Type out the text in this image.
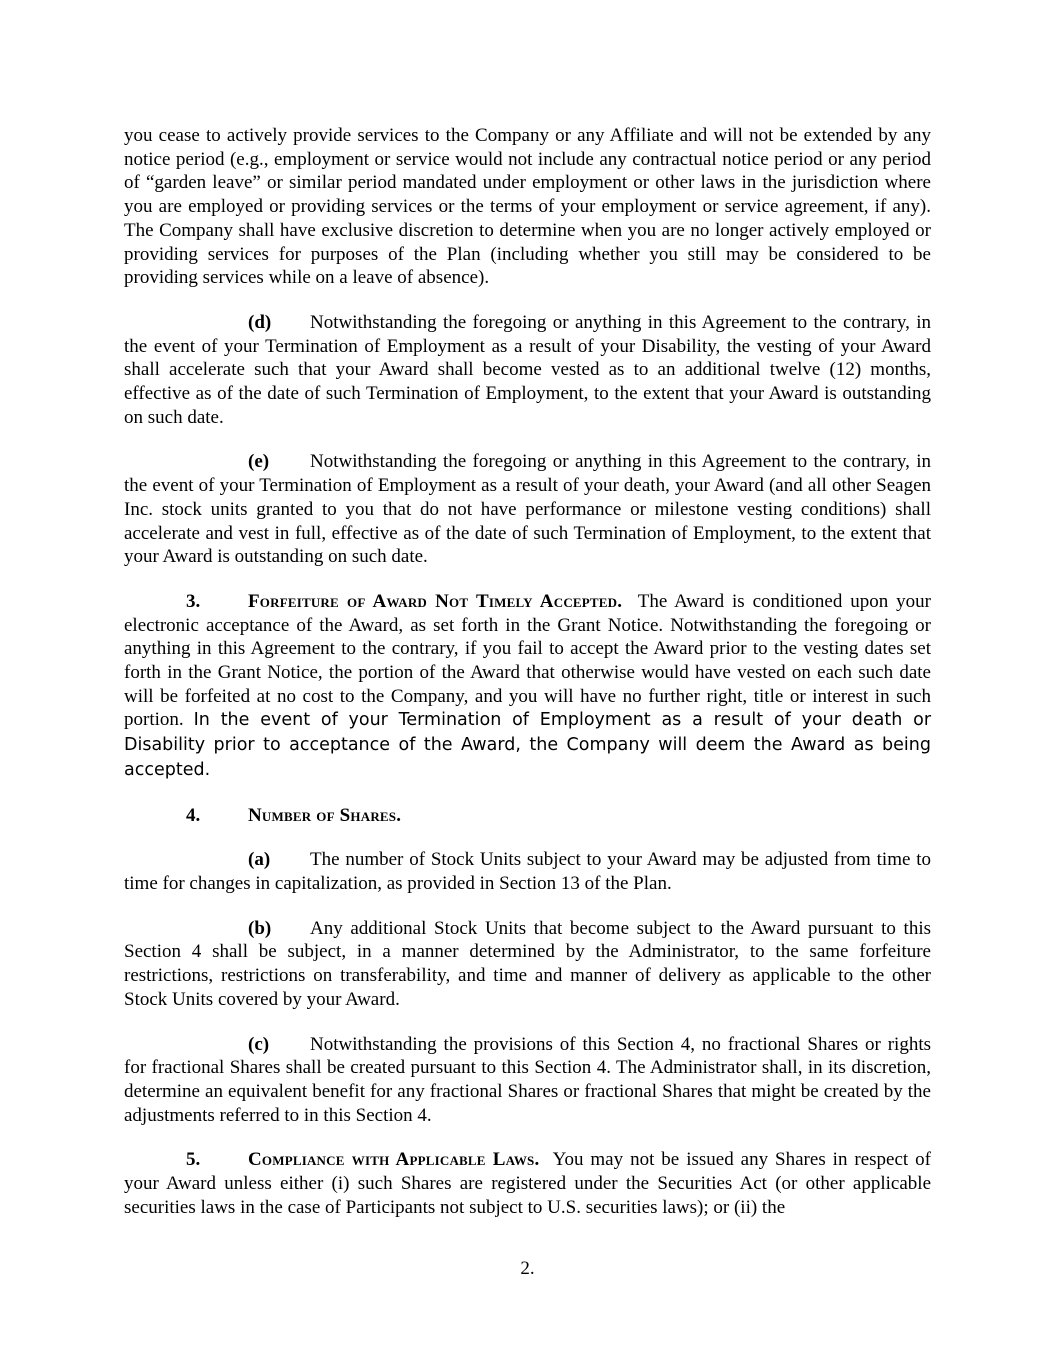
you cease to actively provide services to the Company or any Affiliate and will not be extended by any notice period (e.g., employment or service would not include any contractual notice period or any period of “garden leave” or similar period mandated under employment or other laws in the jurisdiction where you are employed or providing services or the terms of your employment or service agreement, if any). The Company shall have exclusive discretion to determine when you are no longer actively employed or providing services for purposes of the Plan (including whether you still may be considered to be providing services while on a leave of absence).

(d) Notwithstanding the foregoing or anything in this Agreement to the contrary, in the event of your Termination of Employment as a result of your Disability, the vesting of your Award shall accelerate such that your Award shall become vested as to an additional twelve (12) months, effective as of the date of such Termination of Employment, to the extent that your Award is outstanding on such date.

(e) Notwithstanding the foregoing or anything in this Agreement to the contrary, in the event of your Termination of Employment as a result of your death, your Award (and all other Seagen Inc. stock units granted to you that do not have performance or milestone vesting conditions) shall accelerate and vest in full, effective as of the date of such Termination of Employment, to the extent that your Award is outstanding on such date.

3.	Forfeiture of Award Not Timely Accepted. The Award is conditioned upon your electronic acceptance of the Award, as set forth in the Grant Notice. Notwithstanding the foregoing or anything in this Agreement to the contrary, if you fail to accept the Award prior to the vesting dates set forth in the Grant Notice, the portion of the Award that otherwise would have vested on each such date will be forfeited at no cost to the Company, and you will have no further right, title or interest in such portion. In the event of your Termination of Employment as a result of your death or Disability prior to acceptance of the Award, the Company will deem the Award as being accepted.

4.	Number of Shares.

(a) The number of Stock Units subject to your Award may be adjusted from time to time for changes in capitalization, as provided in Section 13 of the Plan.

(b) Any additional Stock Units that become subject to the Award pursuant to this Section 4 shall be subject, in a manner determined by the Administrator, to the same forfeiture restrictions, restrictions on transferability, and time and manner of delivery as applicable to the other Stock Units covered by your Award.

(c) Notwithstanding the provisions of this Section 4, no fractional Shares or rights for fractional Shares shall be created pursuant to this Section 4. The Administrator shall, in its discretion, determine an equivalent benefit for any fractional Shares or fractional Shares that might be created by the adjustments referred to in this Section 4.

5.	Compliance with Applicable Laws. You may not be issued any Shares in respect of your Award unless either (i) such Shares are registered under the Securities Act (or other applicable securities laws in the case of Participants not subject to U.S. securities laws); or (ii) the

2.
